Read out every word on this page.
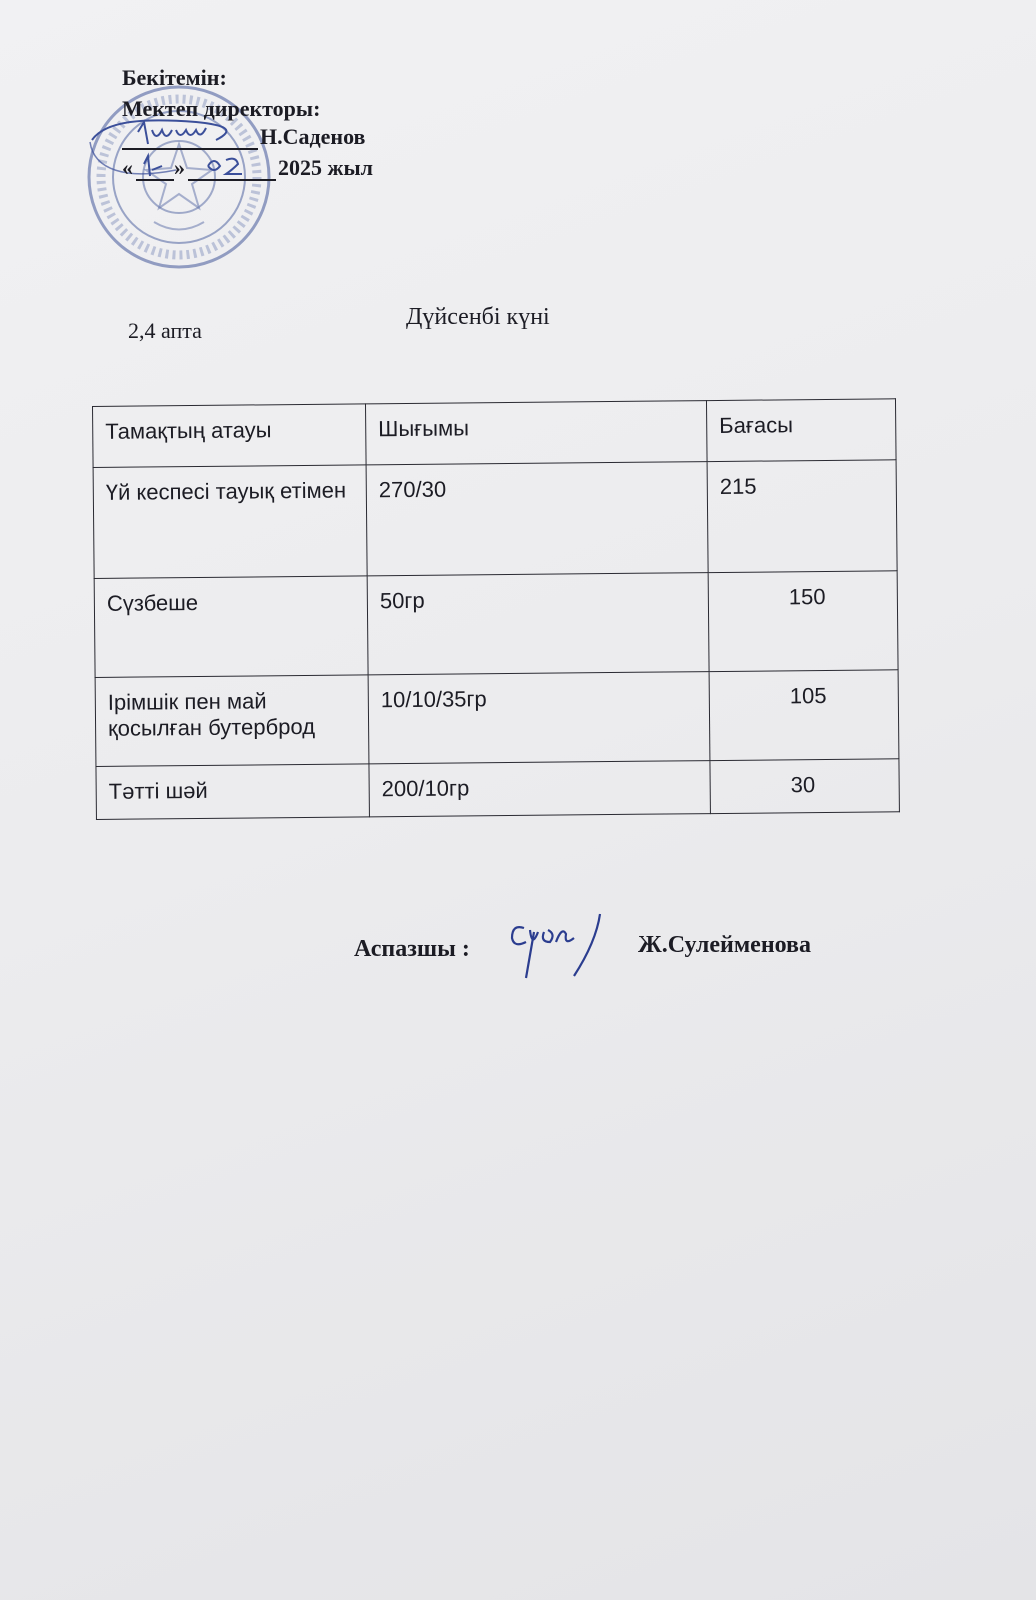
Бекітемін:
Мектеп директоры:
Н.Саденов
« »	2025 жыл
2,4 апта
Дүйсенбі күні
Тамақтың атауы	Шығымы	Бағасы
Үй кеспесі тауық етімен	270/30	215
Сүзбеше	50гр	150
Ірімшік пен май қосылған бутерброд	10/10/35гр	105
Тәтті шәй	200/10гр	30
Аспазшы :	Ж.Сулейменова
